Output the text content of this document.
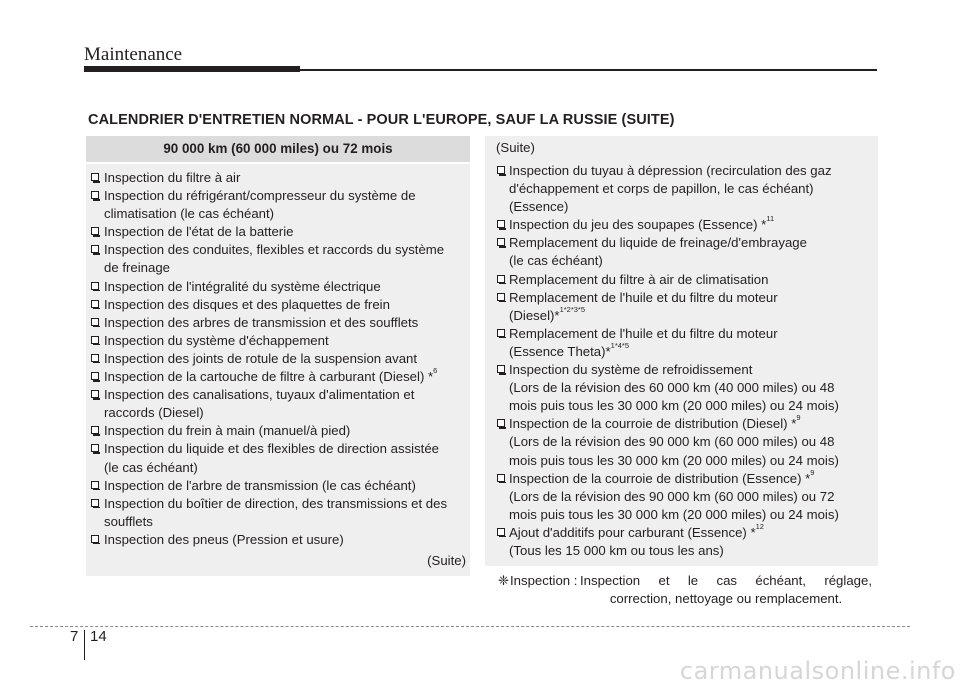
Maintenance
CALENDRIER D'ENTRETIEN NORMAL - POUR L'EUROPE, SAUF LA RUSSIE (SUITE)
90 000 km (60 000 miles) ou 72 mois
Inspection du filtre à air
Inspection du réfrigérant/compresseur du système de
climatisation (le cas échéant)
Inspection de l'état de la batterie
Inspection des conduites, flexibles et raccords du système
de freinage
Inspection de l'intégralité du système électrique
Inspection des disques et des plaquettes de frein
Inspection des arbres de transmission et des soufflets
Inspection du système d'échappement
Inspection des joints de rotule de la suspension avant
Inspection de la cartouche de filtre à carburant (Diesel) *$^6$
Inspection des canalisations, tuyaux d'alimentation et
raccords (Diesel)
Inspection du frein à main (manuel/à pied)
Inspection du liquide et des flexibles de direction assistée
(le cas échéant)
Inspection de l'arbre de transmission (le cas échéant)
Inspection du boîtier de direction, des transmissions et des
soufflets
Inspection des pneus (Pression et usure)
(Suite)
(Suite)
Inspection du tuyau à dépression (recirculation des gaz
d'échappement et corps de papillon, le cas échéant)
(Essence)
Inspection du jeu des soupapes (Essence) *$^{11}$
Remplacement du liquide de freinage/d'embrayage
(le cas échéant)
Remplacement du filtre à air de climatisation
Remplacement de l'huile et du filtre du moteur
(Diesel)*$^{1*2*3*5}$
Remplacement de l'huile et du filtre du moteur
(Essence Theta)*$^{1*4*5}$
Inspection du système de refroidissement
(Lors de la révision des 60 000 km (40 000 miles) ou 48
mois puis tous les 30 000 km (20 000 miles) ou 24 mois)
Inspection de la courroie de distribution (Diesel) *$^9$
(Lors de la révision des 90 000 km (60 000 miles) ou 48
mois puis tous les 30 000 km (20 000 miles) ou 24 mois)
Inspection de la courroie de distribution (Essence) *$^9$
(Lors de la révision des 90 000 km (60 000 miles) ou 72
mois puis tous les 30 000 km (20 000 miles) ou 24 mois)
Ajout d'additifs pour carburant (Essence) *$^{12}$
(Tous les 15 000 km ou tous les ans)
❈ Inspection : Inspection et le cas échéant, réglage,
correction, nettoyage ou remplacement.
7 14
carmanualsonline.info
